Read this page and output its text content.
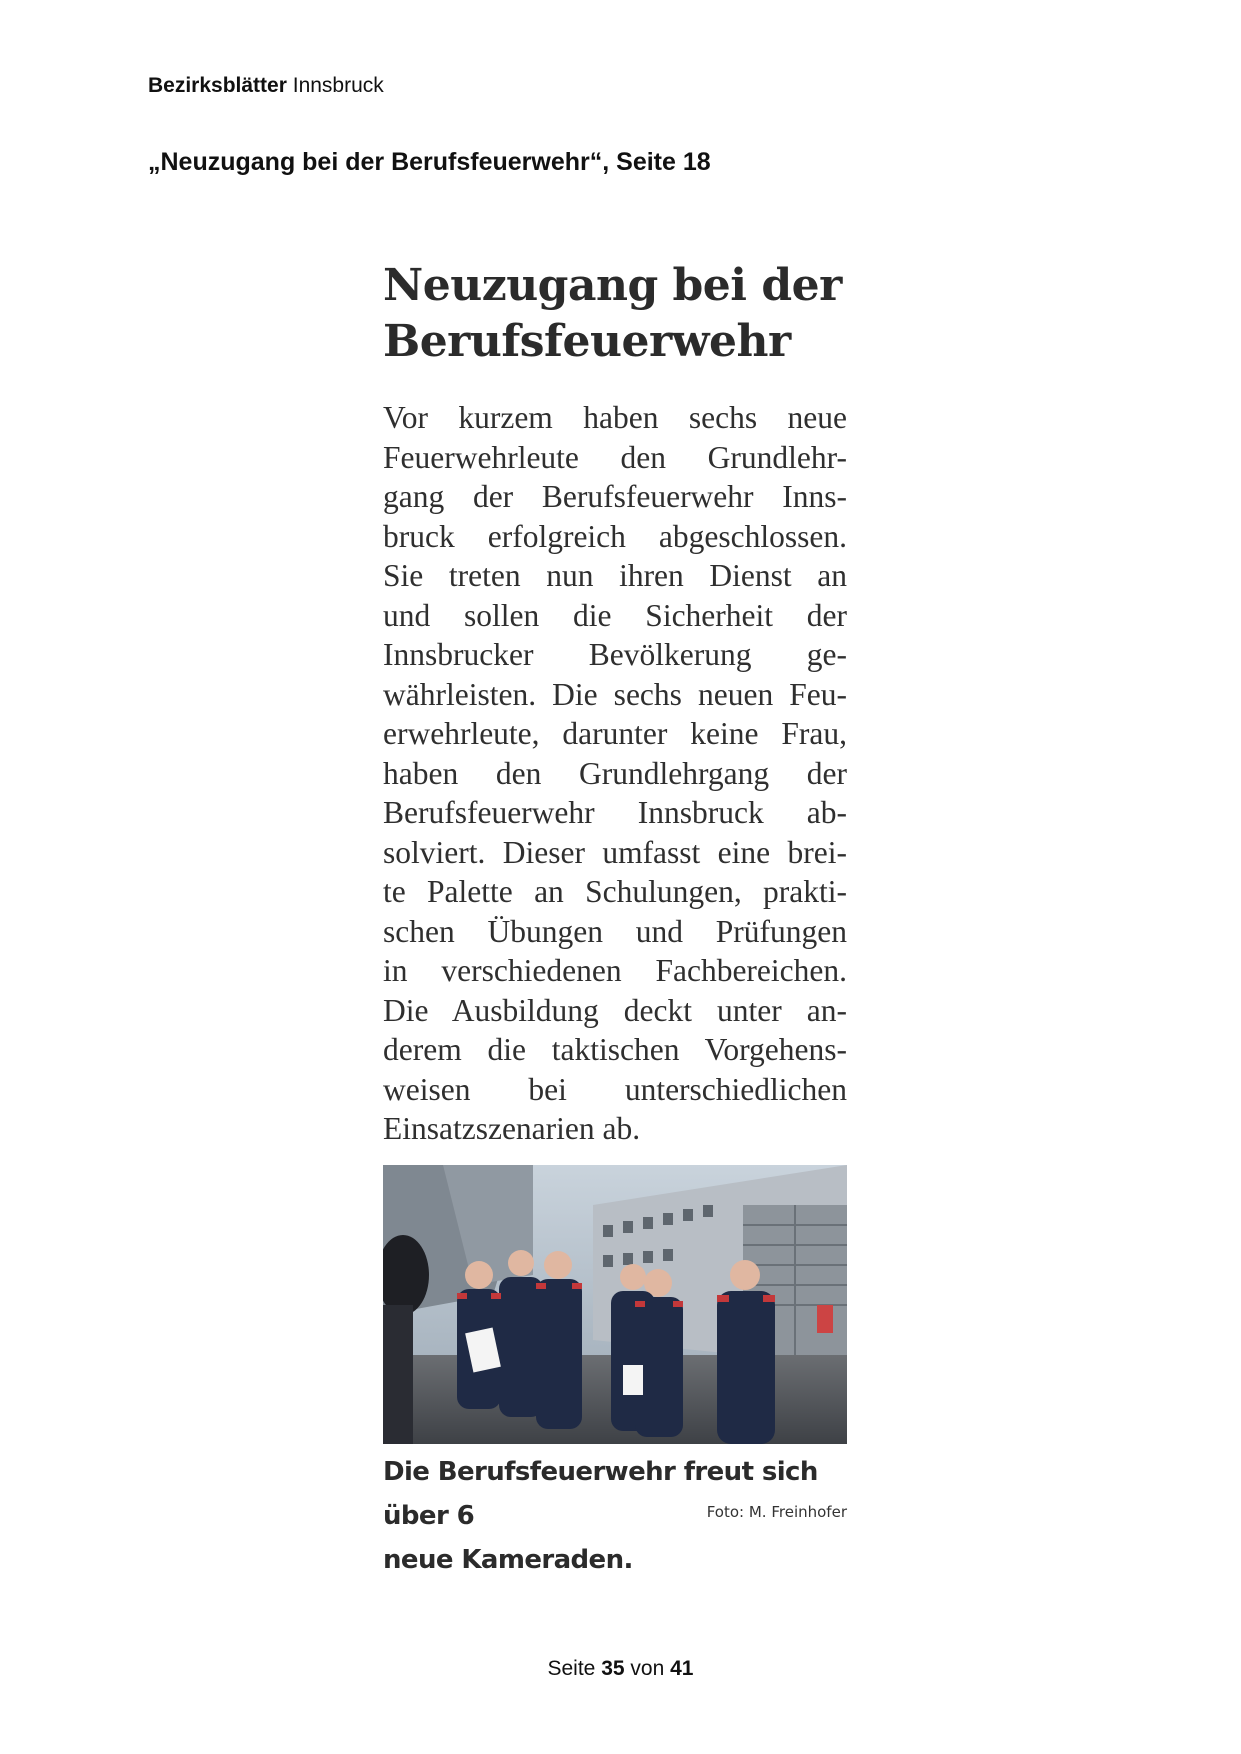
Bezirksblätter Innsbruck
„Neuzugang bei der Berufsfeuerwehr“, Seite 18
Neuzugang bei der
Berufsfeuerwehr
Vor kurzem haben sechs neue
Feuerwehrleute den Grundlehr-
gang der Berufsfeuerwehr Inns-
bruck erfolgreich abgeschlossen.
Sie treten nun ihren Dienst an
und sollen die Sicherheit der
Innsbrucker Bevölkerung ge-
währleisten. Die sechs neuen Feu-
erwehrleute, darunter keine Frau,
haben den Grundlehrgang der
Berufsfeuerwehr Innsbruck ab-
solviert. Dieser umfasst eine brei-
te Palette an Schulungen, prakti-
schen Übungen und Prüfungen
in verschiedenen Fachbereichen.
Die Ausbildung deckt unter an-
derem die taktischen Vorgehens-
weisen bei unterschiedlichen
Einsatzszenarien ab.
Die Berufsfeuerwehr freut sich über 6
neue Kameraden.
Foto: M. Freinhofer
Seite 35 von 41
